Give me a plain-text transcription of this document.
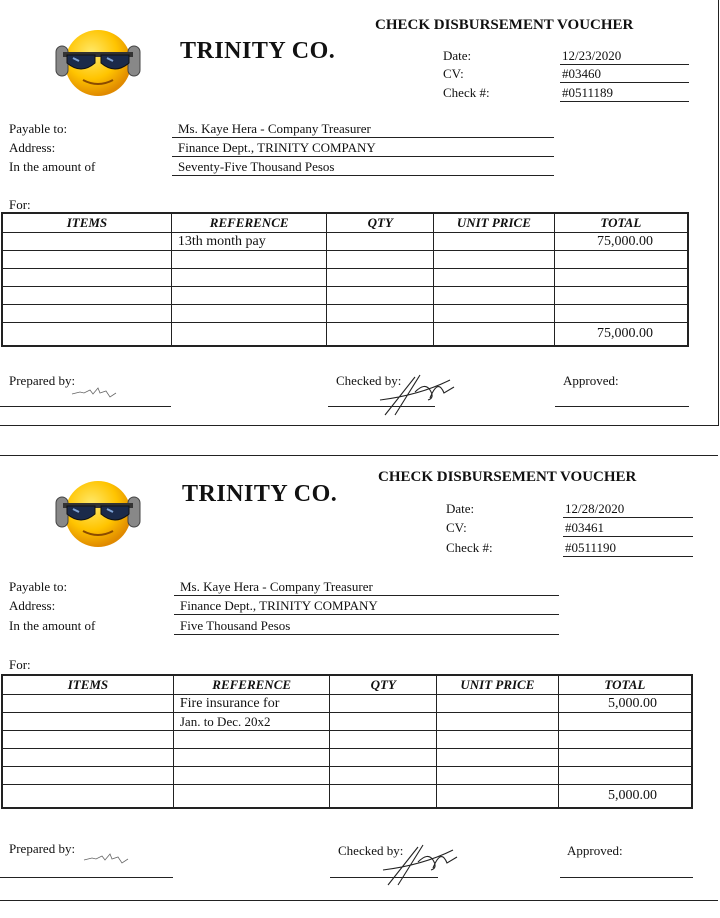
TRINITY CO.
CHECK DISBURSEMENT VOUCHER
Date:	12/23/2020
CV:	#03460
Check #:	#0511189
Payable to:	Ms. Kaye Hera - Company Treasurer
Address:	Finance Dept., TRINITY COMPANY
In the amount of	Seventy-Five Thousand Pesos
For:
ITEMS	REFERENCE	QTY	UNIT PRICE	TOTAL
	13th month pay			75,000.00

				75,000.00
Prepared by:	Checked by:	Approved:
TRINITY CO.
CHECK DISBURSEMENT VOUCHER
Date:	12/28/2020
CV:	#03461
Check #:	#0511190
Payable to:	Ms. Kaye Hera - Company Treasurer
Address:	Finance Dept., TRINITY COMPANY
In the amount of	Five Thousand Pesos
For:
ITEMS	REFERENCE	QTY	UNIT PRICE	TOTAL
	Fire insurance for			5,000.00
	Jan. to Dec. 20x2			

				5,000.00
Prepared by:	Checked by:	Approved:
